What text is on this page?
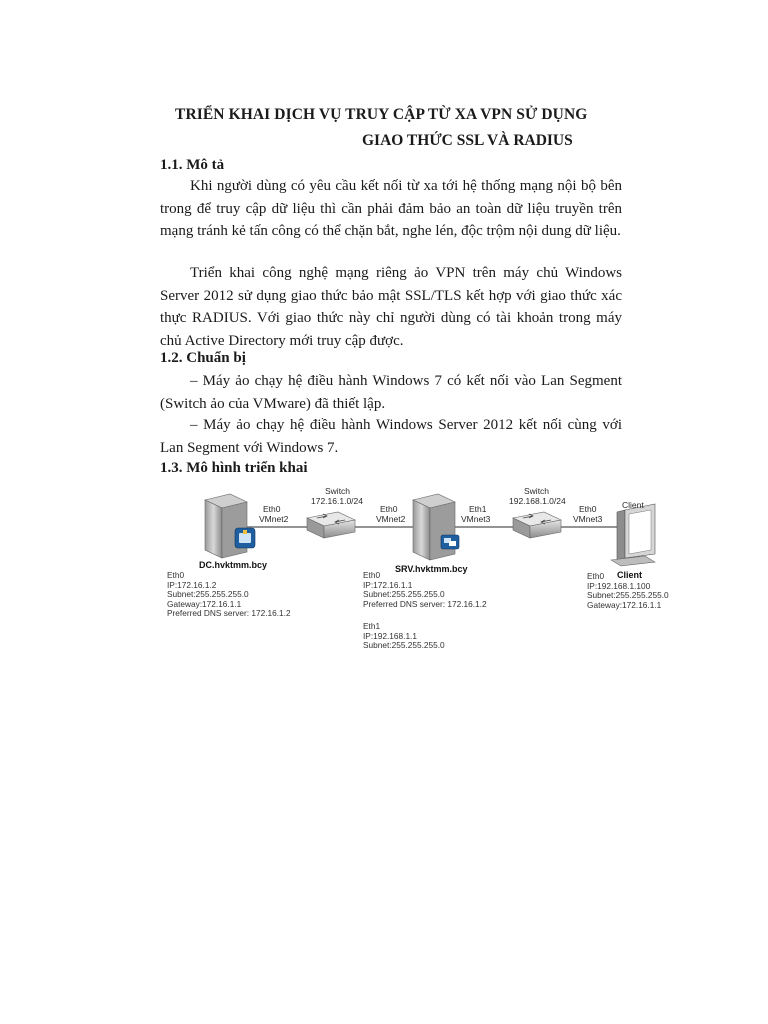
TRIỂN KHAI DỊCH VỤ TRUY CẬP TỪ XA VPN SỬ DỤNG
GIAO THỨC SSL VÀ RADIUS
1.1. Mô tả

Khi người dùng có yêu cầu kết nối từ xa tới hệ thống mạng nội bộ bên trong để truy cập dữ liệu thì cần phải đảm bảo an toàn dữ liệu truyền trên mạng tránh kẻ tấn công có thể chặn bắt, nghe lén, độc trộm nội dung dữ liệu.

Triển khai công nghệ mạng riêng ảo VPN trên máy chủ Windows Server 2012 sử dụng giao thức bảo mật SSL/TLS kết hợp với giao thức xác thực RADIUS. Với giao thức này chỉ người dùng có tài khoản trong máy chủ Active Directory mới truy cập được.

1.2. Chuẩn bị

– Máy ảo chạy hệ điều hành Windows 7 có kết nối vào Lan Segment (Switch ảo của VMware) đã thiết lập.

– Máy ảo chạy hệ điều hành Windows Server 2012 kết nối cùng với Lan Segment với Windows 7.

1.3. Mô hình triển khai
Switch
172.16.1.0/24
Switch
192.168.1.0/24	Client
Eth0
VMnet2
Eth0
VMnet2
Eth1
VMnet3
Eth0
VMnet3
DC.hvktmm.bcy	SRV.hvktmm.bcy
Client
Eth0
IP:172.16.1.2
Subnet:255.255.255.0
Gateway:172.16.1.1
Preferred DNS server: 172.16.1.2
Eth0
IP:172.16.1.1
Subnet:255.255.255.0
Preferred DNS server: 172.16.1.2
Eth1
IP:192.168.1.1
Subnet:255.255.255.0
Eth0
IP:192.168.1.100
Subnet:255.255.255.0
Gateway:172.16.1.1
